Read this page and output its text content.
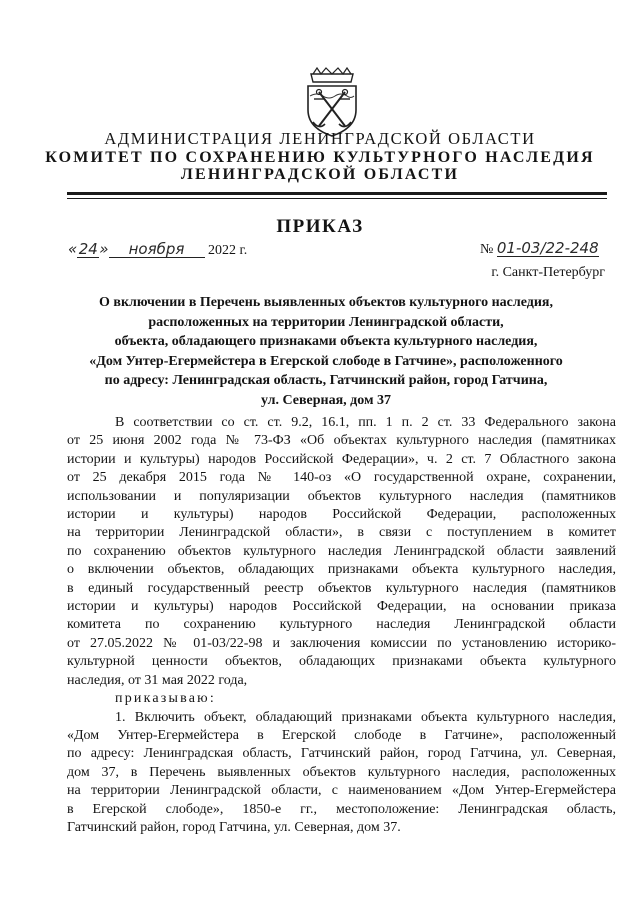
АДМИНИСТРАЦИЯ ЛЕНИНГРАДСКОЙ ОБЛАСТИ
КОМИТЕТ ПО СОХРАНЕНИЮ КУЛЬТУРНОГО НАСЛЕДИЯ
ЛЕНИНГРАДСКОЙ ОБЛАСТИ
ПРИКАЗ
«24» ноября 2022 г.	№ 01-03/22-248
г. Санкт-Петербург
О включении в Перечень выявленных объектов культурного наследия,
расположенных на территории Ленинградской области,
объекта, обладающего признаками объекта культурного наследия,
«Дом Унтер-Егермейстера в Егерской слободе в Гатчине», расположенного
по адресу: Ленинградская область, Гатчинский район, город Гатчина,
ул. Северная, дом 37
В соответствии со ст. ст. 9.2, 16.1, пп. 1 п. 2 ст. 33 Федерального закона
от 25 июня 2002 года № 73-ФЗ «Об объектах культурного наследия (памятниках
истории и культуры) народов Российской Федерации», ч. 2 ст. 7 Областного закона
от 25 декабря 2015 года № 140-оз «О государственной охране, сохранении,
использовании и популяризации объектов культурного наследия (памятников
истории и культуры) народов Российской Федерации, расположенных
на территории Ленинградской области», в связи с поступлением в комитет
по сохранению объектов культурного наследия Ленинградской области заявлений
о включении объектов, обладающих признаками объекта культурного наследия,
в единый государственный реестр объектов культурного наследия (памятников
истории и культуры) народов Российской Федерации, на основании приказа
комитета по сохранению культурного наследия Ленинградской области
от 27.05.2022 № 01-03/22-98 и заключения комиссии по установлению историко-
культурной ценности объектов, обладающих признаками объекта культурного
наследия, от 31 мая 2022 года,
приказываю:
1. Включить объект, обладающий признаками объекта культурного наследия,
«Дом Унтер-Егермейстера в Егерской слободе в Гатчине», расположенный
по адресу: Ленинградская область, Гатчинский район, город Гатчина, ул. Северная,
дом 37, в Перечень выявленных объектов культурного наследия, расположенных
на территории Ленинградской области, с наименованием «Дом Унтер-Егермейстера
в Егерской слободе», 1850-е гг., местоположение: Ленинградская область,
Гатчинский район, город Гатчина, ул. Северная, дом 37.
